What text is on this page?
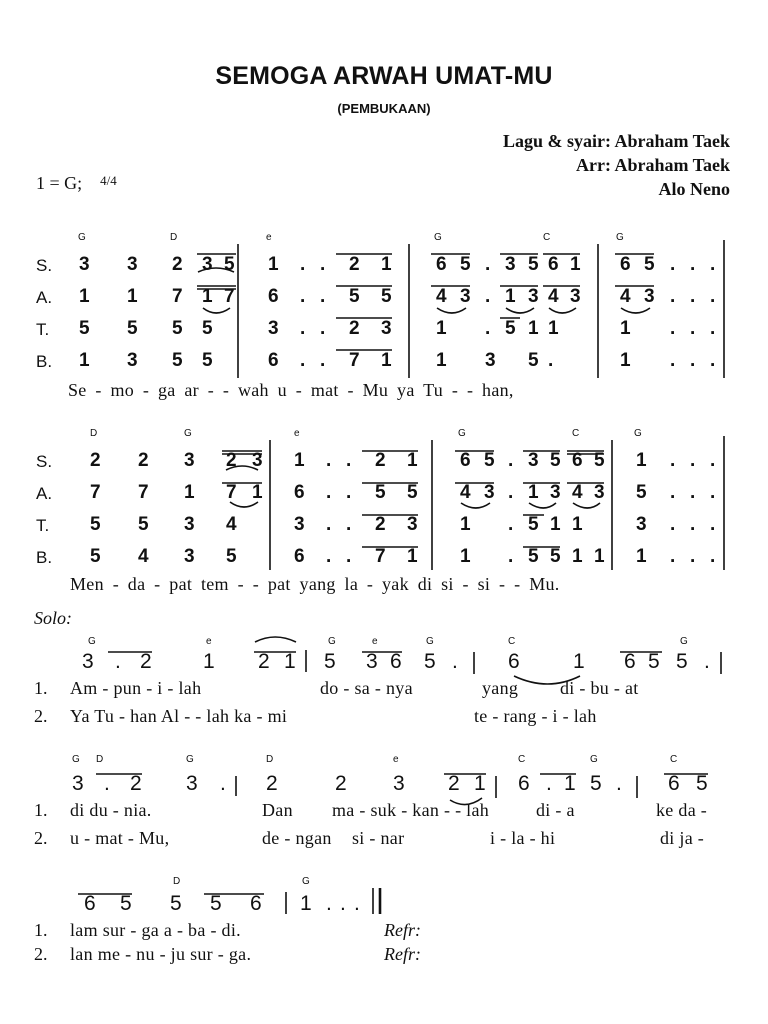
SEMOGA ARWAH UMAT-MU
(PEMBUKAAN)
Lagu & syair: Abraham Taek
Arr: Abraham Taek
Alo Neno
1 = G; $^{4/4}$
Solo:
G	D	e	G	C	G
S. 3 3 2 3 5 1 . . 2 1 6 5 . 3 5 6 1 6 5 . . .
A. 1 1 7 1 7 6 . . 5 5 4 3 . 1 3 4 3 4 3 . . .
T. 5 5 5 5	3 . . 2 3 1 . 5 1 1	1 . . .
B. 1 3 5 5	6 . . 7 1 1 3 5 .	1 . . .
Se - mo - ga ar - - wah u - mat - Mu ya Tu - - han,
D	G	e	G	C	G
S. 2 2 3 2 3 1 . . 2 1 6 5 . 3 5 6 5 1 . . .
A. 7 7 1 7 1 6 . . 5 5 4 3 . 1 3 4 3 5 . . .
T. 5 5 3 4	3 . . 2 3 1 . 5 1 1	3 . . .
B. 5 4 3 5	6 . . 7 1 1 . 5 5 1 1 1 . . .
Men - da - pat tem - - pat yang la - yak di si - si - - Mu.
G	e	G	e	G	C	G
3 . 2 1 2 1 5 3 6 5 . 6	1 6 5 5 .
1. Am - pun - i - lah	do - sa - nya	yang di - bu - at
2. Ya Tu - han Al - - lah ka - mi	te - rang - i - lah
G D	G	D	e	C	G	C
3 . 2 3 . 2	2 3 2 1 6 . 1 5 . 6 5
1. di du - nia.	Dan ma - suk - kan - - lah	di - a	ke da -
2. u - mat - Mu,	de - ngan si - nar	i - la - hi	di ja -
D	G
6 5 5 5 6 1 . . .
1. lam sur - ga a - ba - di.	Refr:
2. lan me - nu - ju sur - ga.	Refr:
